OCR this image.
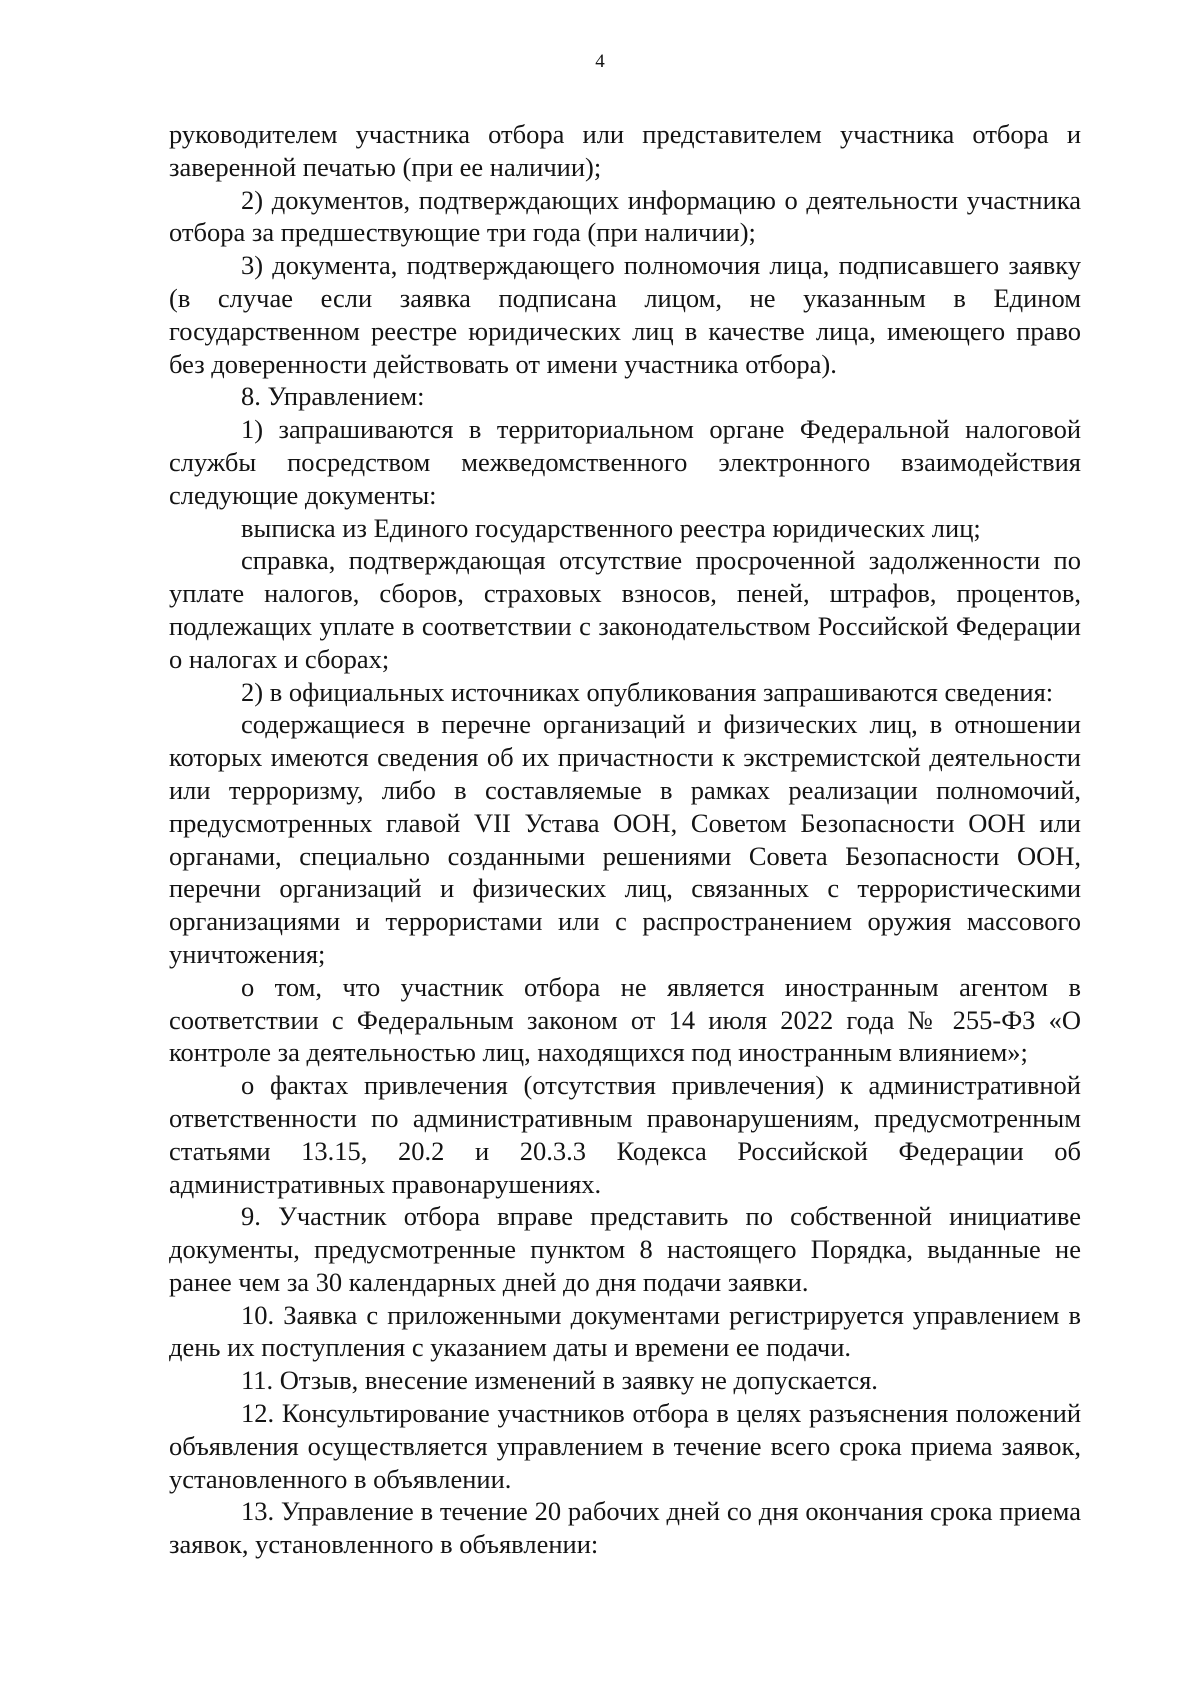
4

руководителем участника отбора или представителем участника отбора и заверенной печатью (при ее наличии);

2) документов, подтверждающих информацию о деятельности участника отбора за предшествующие три года (при наличии);

3) документа, подтверждающего полномочия лица, подписавшего заявку (в случае если заявка подписана лицом, не указанным в Едином государственном реестре юридических лиц в качестве лица, имеющего право без доверенности действовать от имени участника отбора).

8. Управлением:

1) запрашиваются в территориальном органе Федеральной налоговой службы посредством межведомственного электронного взаимодействия следующие документы:

выписка из Единого государственного реестра юридических лиц;

справка, подтверждающая отсутствие просроченной задолженности по уплате налогов, сборов, страховых взносов, пеней, штрафов, процентов, подлежащих уплате в соответствии с законодательством Российской Федерации о налогах и сборах;

2) в официальных источниках опубликования запрашиваются сведения:

содержащиеся в перечне организаций и физических лиц, в отношении которых имеются сведения об их причастности к экстремистской деятельности или терроризму, либо в составляемые в рамках реализации полномочий, предусмотренных главой VII Устава ООН, Советом Безопасности ООН или органами, специально созданными решениями Совета Безопасности ООН, перечни организаций и физических лиц, связанных с террористическими организациями и террористами или с распространением оружия массового уничтожения;

о том, что участник отбора не является иностранным агентом в соответствии с Федеральным законом от 14 июля 2022 года № 255-ФЗ «О контроле за деятельностью лиц, находящихся под иностранным влиянием»;

о фактах привлечения (отсутствия привлечения) к административной ответственности по административным правонарушениям, предусмотренным статьями 13.15, 20.2 и 20.3.3 Кодекса Российской Федерации об административных правонарушениях.

9. Участник отбора вправе представить по собственной инициативе документы, предусмотренные пунктом 8 настоящего Порядка, выданные не ранее чем за 30 календарных дней до дня подачи заявки.

10. Заявка с приложенными документами регистрируется управлением в день их поступления с указанием даты и времени ее подачи.

11. Отзыв, внесение изменений в заявку не допускается.

12. Консультирование участников отбора в целях разъяснения положений объявления осуществляется управлением в течение всего срока приема заявок, установленного в объявлении.

13. Управление в течение 20 рабочих дней со дня окончания срока приема заявок, установленного в объявлении:
